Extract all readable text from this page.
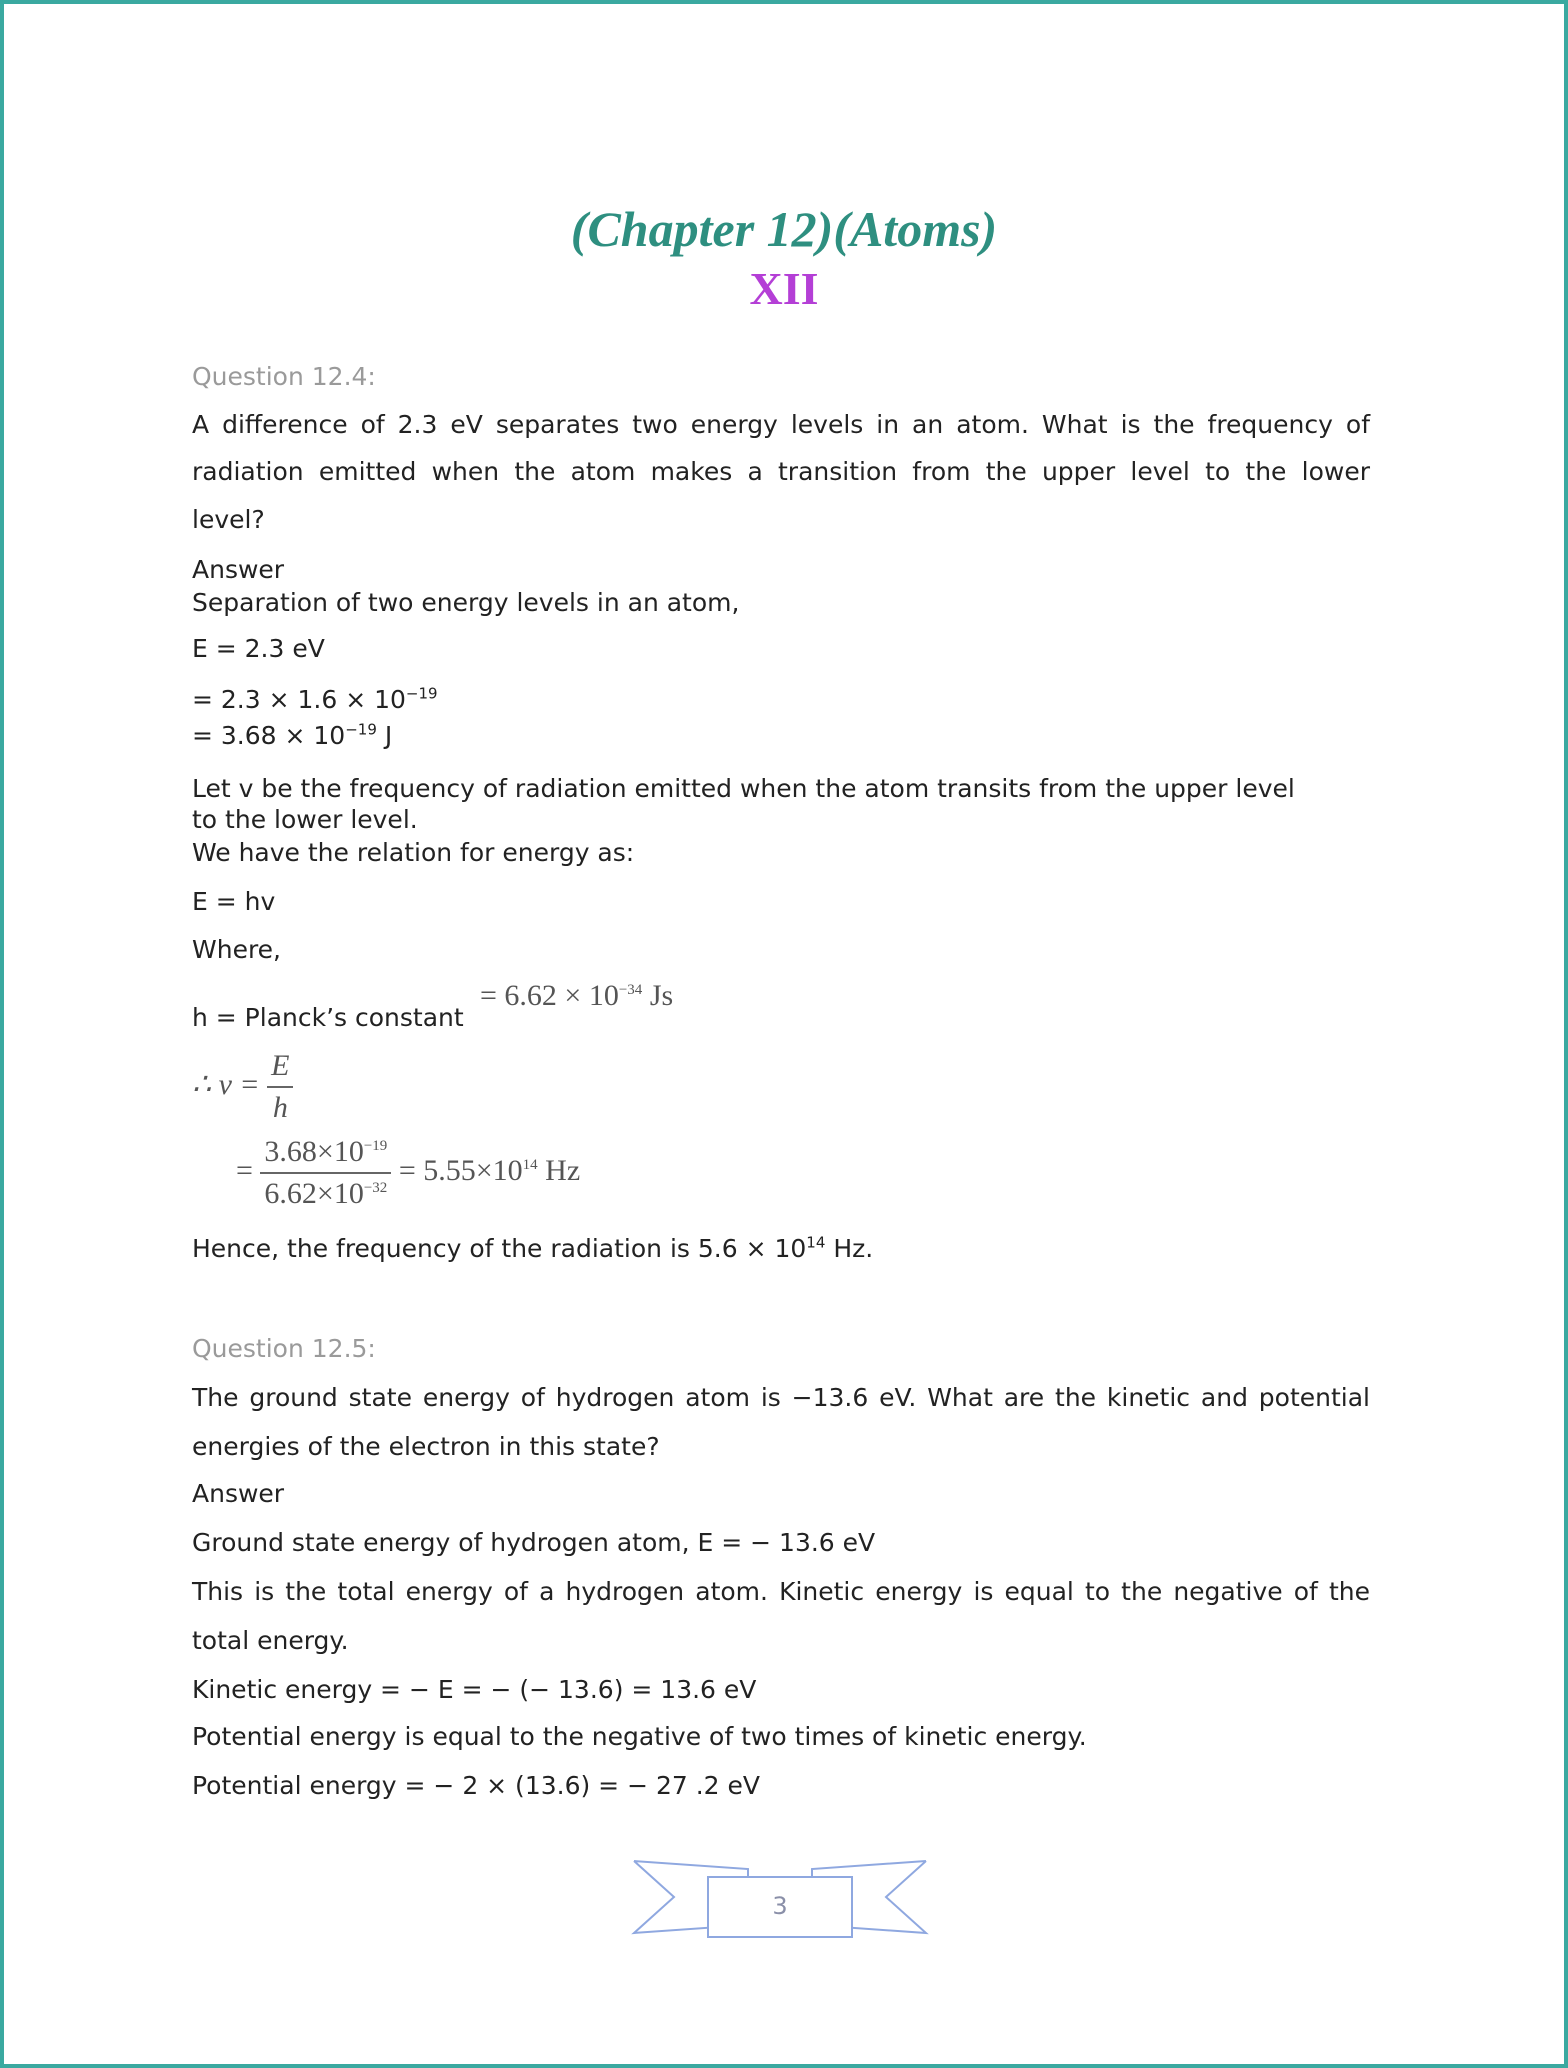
(Chapter 12)(Atoms)
XII
Question 12.4:
A difference of 2.3 eV separates two energy levels in an atom. What is the frequency of
radiation emitted when the atom makes a transition from the upper level to the lower
level?
Answer
Separation of two energy levels in an atom,
E = 2.3 eV
= $2.3 \times 1.6 \times 10^{-19}$
= $3.68 \times 10^{-19}$ J
Let v be the frequency of radiation emitted when the atom transits from the upper level
to the lower level.
We have the relation for energy as:
E = hv
Where,
h = Planck’s constant
= $6.62 \times 10^{-34}$ Js
∴ $\nu = \frac{E}{h}$
= $\frac{3.68\times 10^{-19}}{6.62\times 10^{-32}} = 5.55\times 10^{14}$ Hz
Hence, the frequency of the radiation is $5.6 \times 10^{14}$ Hz.
Question 12.5:
The ground state energy of hydrogen atom is −13.6 eV. What are the kinetic and potential
energies of the electron in this state?
Answer
Ground state energy of hydrogen atom, E = − 13.6 eV
This is the total energy of a hydrogen atom. Kinetic energy is equal to the negative of the
total energy.
Kinetic energy = − E = − (− 13.6) = 13.6 eV
Potential energy is equal to the negative of two times of kinetic energy.
Potential energy = − 2 × (13.6) = − 27 .2 eV
3
